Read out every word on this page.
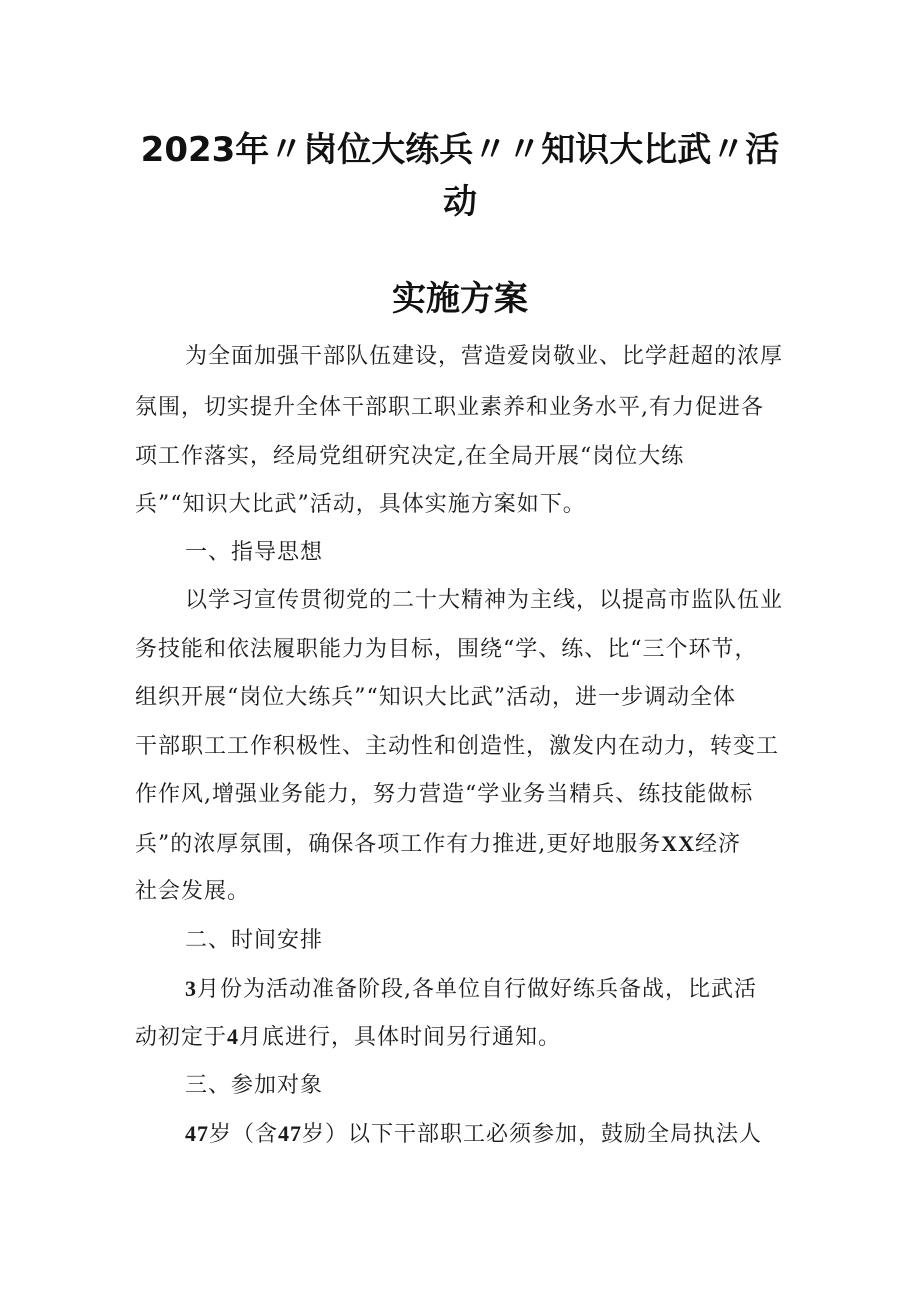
2023年〃岗位大练兵〃〃知识大比武〃活
动
实施方案
为全面加强干部队伍建设，营造爱岗敬业、比学赶超的浓厚
氛围，切实提升全体干部职工职业素养和业务水平,有力促进各
项工作落实，经局党组研究决定,在全局开展“岗位大练
兵”“知识大比武”活动，具体实施方案如下。
一、指导思想
以学习宣传贯彻党的二十大精神为主线，以提高市监队伍业
务技能和依法履职能力为目标，围绕“学、练、比“三个环节，
组织开展“岗位大练兵”“知识大比武”活动，进一步调动全体
干部职工工作积极性、主动性和创造性，激发内在动力，转变工
作作风,增强业务能力，努力营造“学业务当精兵、练技能做标
兵”的浓厚氛围，确保各项工作有力推进,更好地服务XX经济
社会发展。
二、时间安排
3月份为活动准备阶段,各单位自行做好练兵备战，比武活
动初定于4月底进行，具体时间另行通知。
三、参加对象
47岁（含47岁）以下干部职工必须参加，鼓励全局执法人
